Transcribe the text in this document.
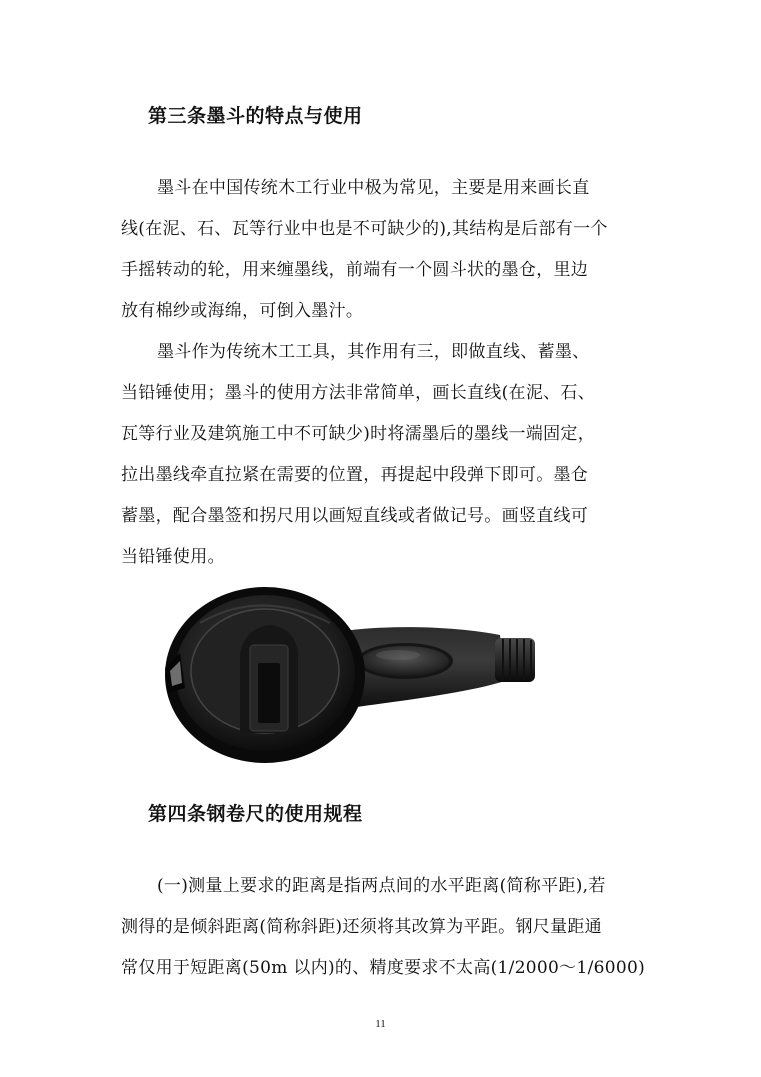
第三条墨斗的特点与使用
墨斗在中国传统木工行业中极为常见，主要是用来画长直
线(在泥、石、瓦等行业中也是不可缺少的),其结构是后部有一个
手摇转动的轮，用来缠墨线，前端有一个圆斗状的墨仓，里边
放有棉纱或海绵，可倒入墨汁。
墨斗作为传统木工工具，其作用有三，即做直线、蓄墨、
当铅锤使用；墨斗的使用方法非常简单，画长直线(在泥、石、
瓦等行业及建筑施工中不可缺少)时将濡墨后的墨线一端固定，
拉出墨线牵直拉紧在需要的位置，再提起中段弹下即可。墨仓
蓄墨，配合墨签和拐尺用以画短直线或者做记号。画竖直线可
当铅锤使用。
第四条钢卷尺的使用规程
(一)测量上要求的距离是指两点间的水平距离(简称平距),若
测得的是倾斜距离(简称斜距)还须将其改算为平距。钢尺量距通
常仅用于短距离(50m 以内)的、精度要求不太高(1/2000～1/6000)
11
